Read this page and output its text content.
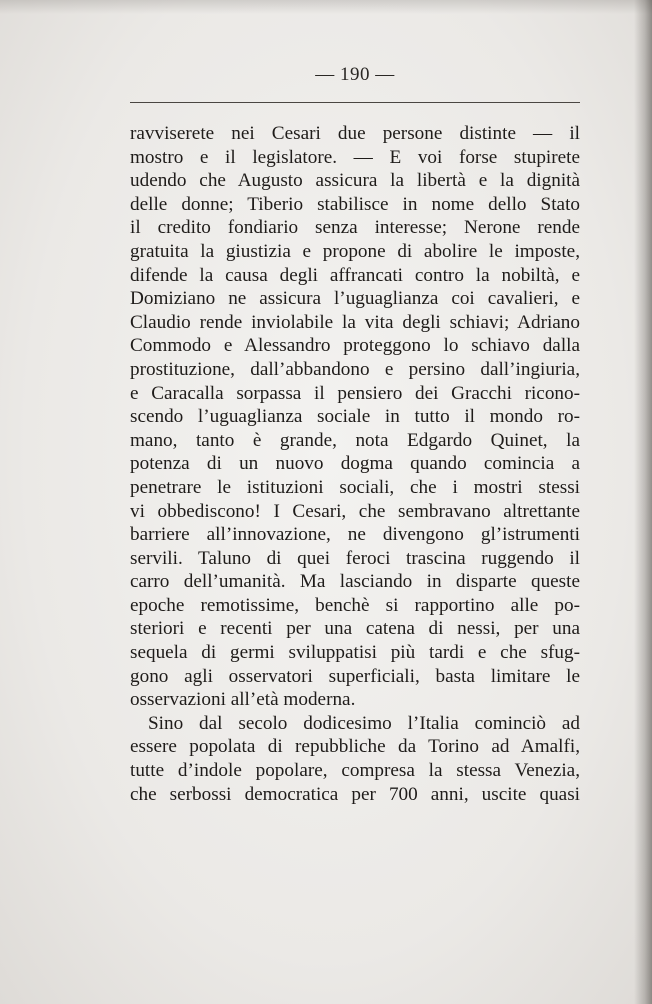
— 190 —
ravviserete nei Cesari due persone distinte — il
mostro e il legislatore. — E voi forse stupirete
udendo che Augusto assicura la libertà e la dignità
delle donne; Tiberio stabilisce in nome dello Stato
il credito fondiario senza interesse; Nerone rende
gratuita la giustizia e propone di abolire le imposte,
difende la causa degli affrancati contro la nobiltà, e
Domiziano ne assicura l’uguaglianza coi cavalieri, e
Claudio rende inviolabile la vita degli schiavi; Adriano
Commodo e Alessandro proteggono lo schiavo dalla
prostituzione, dall’abbandono e persino dall’ingiuria,
e Caracalla sorpassa il pensiero dei Gracchi ricono-
scendo l’uguaglianza sociale in tutto il mondo ro-
mano, tanto è grande, nota Edgardo Quinet, la
potenza di un nuovo dogma quando comincia a
penetrare le istituzioni sociali, che i mostri stessi
vi obbediscono! I Cesari, che sembravano altrettante
barriere all’innovazione, ne divengono gl’istrumenti
servili. Taluno di quei feroci trascina ruggendo il
carro dell’umanità. Ma lasciando in disparte queste
epoche remotissime, benchè si rapportino alle po-
steriori e recenti per una catena di nessi, per una
sequela di germi sviluppatisi più tardi e che sfug-
gono agli osservatori superficiali, basta limitare le
osservazioni all’età moderna.
Sino dal secolo dodicesimo l’Italia cominciò ad
essere popolata di repubbliche da Torino ad Amalfi,
tutte d’indole popolare, compresa la stessa Venezia,
che serbossi democratica per 700 anni, uscite quasi
